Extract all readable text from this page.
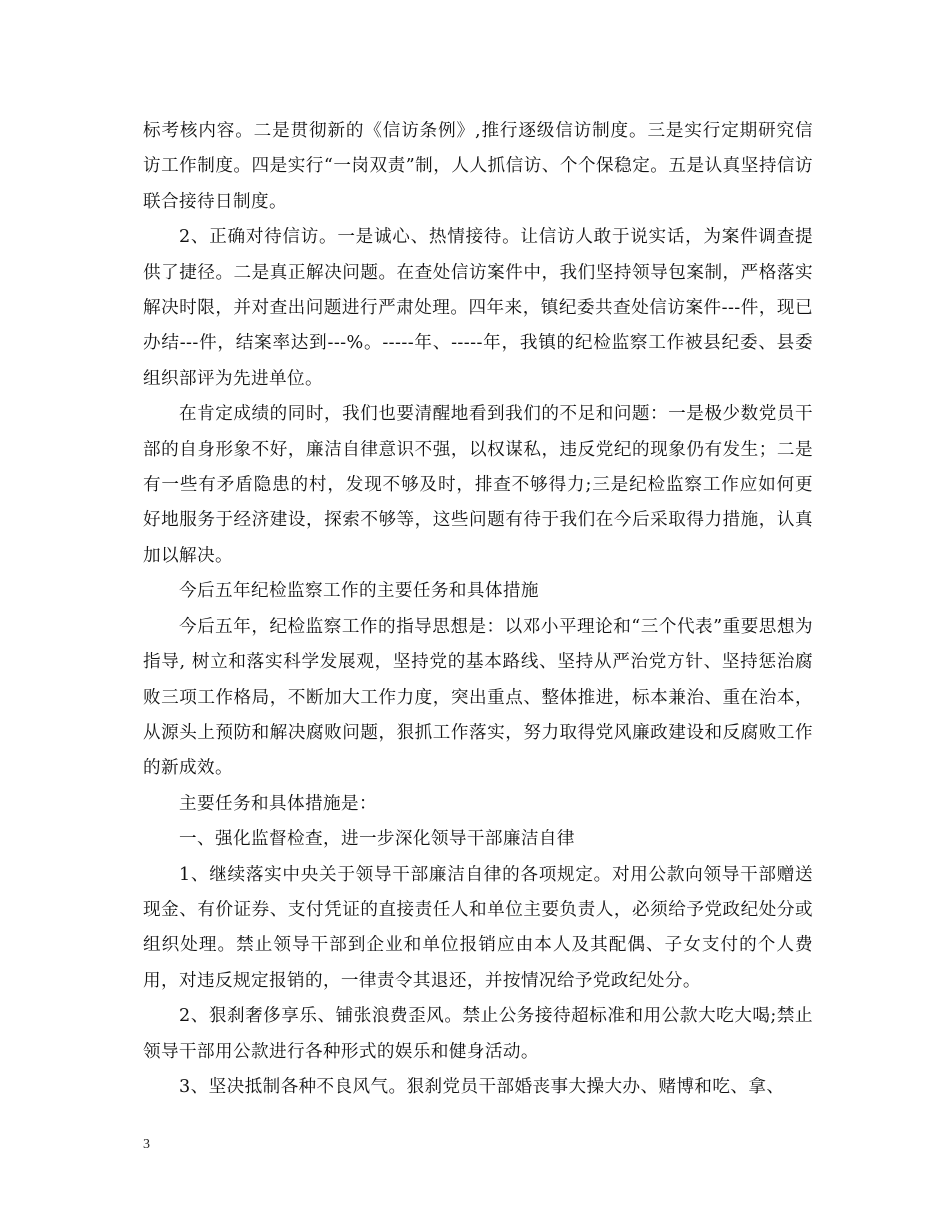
标考核内容。二是贯彻新的《信访条例》,推行逐级信访制度。三是实行定期研究信访工作制度。四是实行“一岗双责”制，人人抓信访、个个保稳定。五是认真坚持信访联合接待日制度。

2、正确对待信访。一是诚心、热情接待。让信访人敢于说实话，为案件调查提供了捷径。二是真正解决问题。在查处信访案件中，我们坚持领导包案制，严格落实解决时限，并对查出问题进行严肃处理。四年来，镇纪委共查处信访案件---件，现已办结---件，结案率达到---%。-----年、-----年，我镇的纪检监察工作被县纪委、县委组织部评为先进单位。

在肯定成绩的同时，我们也要清醒地看到我们的不足和问题：一是极少数党员干部的自身形象不好，廉洁自律意识不强，以权谋私，违反党纪的现象仍有发生；二是有一些有矛盾隐患的村，发现不够及时，排查不够得力;三是纪检监察工作应如何更好地服务于经济建设，探索不够等，这些问题有待于我们在今后采取得力措施，认真加以解决。

今后五年纪检监察工作的主要任务和具体措施

今后五年，纪检监察工作的指导思想是：以邓小平理论和“三个代表”重要思想为指导, 树立和落实科学发展观，坚持党的基本路线、坚持从严治党方针、坚持惩治腐败三项工作格局，不断加大工作力度，突出重点、整体推进，标本兼治、重在治本，从源头上预防和解决腐败问题，狠抓工作落实，努力取得党风廉政建设和反腐败工作的新成效。

主要任务和具体措施是：

一、强化监督检查，进一步深化领导干部廉洁自律

1、继续落实中央关于领导干部廉洁自律的各项规定。对用公款向领导干部赠送现金、有价证券、支付凭证的直接责任人和单位主要负责人，必须给予党政纪处分或组织处理。禁止领导干部到企业和单位报销应由本人及其配偶、子女支付的个人费用，对违反规定报销的，一律责令其退还，并按情况给予党政纪处分。

2、狠刹奢侈享乐、铺张浪费歪风。禁止公务接待超标准和用公款大吃大喝;禁止领导干部用公款进行各种形式的娱乐和健身活动。

3、坚决抵制各种不良风气。狠刹党员干部婚丧事大操大办、赌博和吃、拿、

3
